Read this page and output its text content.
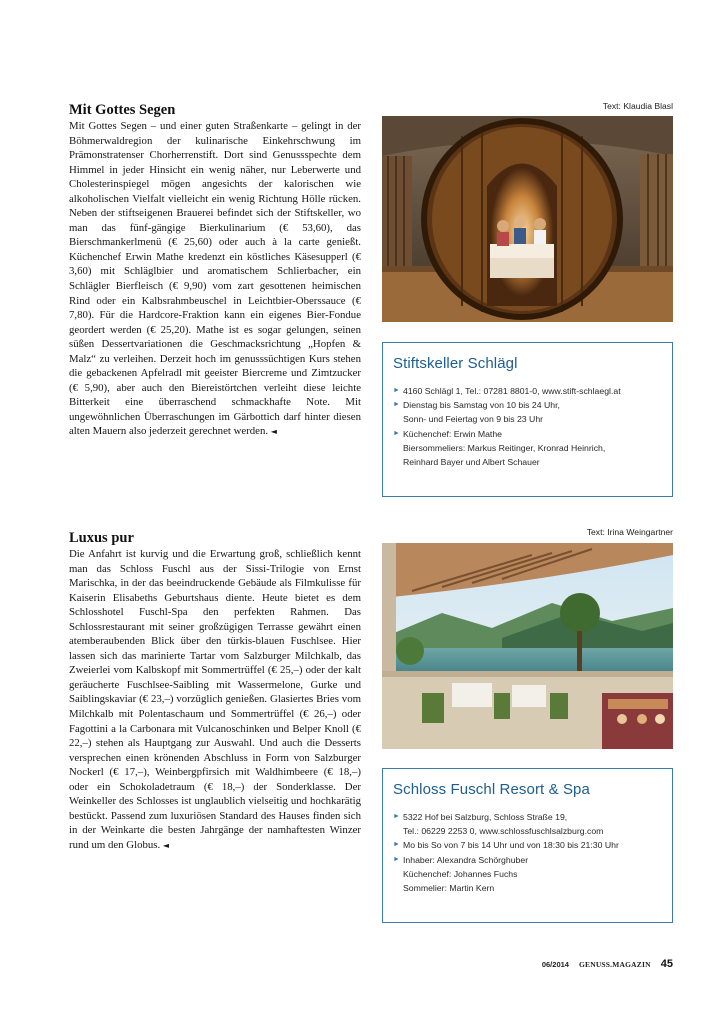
Mit Gottes Segen

Mit Gottes Segen – und einer guten Straßenkarte – gelingt in der Böhmerwaldregion der kulinarische Einkehrschwung im Prämonstratenser Chorherrenstift. Dort sind Genussspechte dem Himmel in jeder Hinsicht ein wenig näher, nur Leberwerte und Cholesterinspiegel mögen angesichts der kalorischen wie alkoholischen Vielfalt vielleicht ein wenig Richtung Hölle rücken. Neben der stiftseigenen Brauerei befindet sich der Stiftskeller, wo man das fünf-gängige Bierkulinarium (€ 53,60), das Bierschmankerlmenü (€ 25,60) oder auch à la carte genießt. Küchenchef Erwin Mathe kredenzt ein köstliches Käsesupperl (€ 3,60) mit Schläglbier und aromatischem Schlierbacher, ein Schlägler Bierfleisch (€ 9,90) vom zart gesottenen heimischen Rind oder ein Kalbsrahmbeuschel in Leichtbier-Oberssauce (€ 7,80). Für die Hardcore-Fraktion kann ein eigenes Bier-Fondue geordert werden (€ 25,20). Mathe ist es sogar gelungen, seinen süßen Dessertvariationen die Geschmacksrichtung „Hopfen & Malz“ zu verleihen. Derzeit hoch im genusssüchtigen Kurs stehen die gebackenen Apfelradl mit geeister Biercreme und Zimtzucker (€ 5,90), aber auch den Biereistörtchen verleiht diese leichte Bitterkeit eine überraschend schmackhafte Note. Mit ungewöhnlichen Überraschungen im Gärbottich darf hinter diesen alten Mauern also jederzeit gerechnet werden. ◄

Text: Klaudia Blasl
Stiftskeller Schlägl
► 4160 Schlägl 1, Tel.: 07281 8801-0, www.stift-schlaegl.at
► Dienstag bis Samstag von 10 bis 24 Uhr,
Sonn- und Feiertag von 9 bis 23 Uhr
► Küchenchef: Erwin Mathe
Biersommeliers: Markus Reitinger, Kronrad Heinrich,
Reinhard Bayer und Albert Schauer
Luxus pur

Die Anfahrt ist kurvig und die Erwartung groß, schließlich kennt man das Schloss Fuschl aus der Sissi-Trilogie von Ernst Marischka, in der das beeindruckende Gebäude als Filmkulisse für Kaiserin Elisabeths Geburtshaus diente. Heute bietet es dem Schlosshotel Fuschl-Spa den perfekten Rahmen. Das Schlossrestaurant mit seiner großzügigen Terrasse gewährt einen atemberaubenden Blick über den türkis-blauen Fuschlsee. Hier lassen sich das marinierte Tartar vom Salzburger Milchkalb, das Zweierlei vom Kalbskopf mit Sommertrüffel (€ 25,–) oder der kalt geräucherte Fuschlsee-Saibling mit Wassermelone, Gurke und Saiblingskaviar (€ 23,–) vorzüglich genießen. Glasiertes Bries vom Milchkalb mit Polentaschaum und Sommertrüffel (€ 26,–) oder Fagottini a la Carbonara mit Vulcanoschinken und Belper Knoll (€ 22,–) stehen als Hauptgang zur Auswahl. Und auch die Desserts versprechen einen krönenden Abschluss in Form von Salzburger Nockerl (€ 17,–), Weinbergpfirsich mit Waldhimbeere (€ 18,–) oder ein Schokoladetraum (€ 18,–) der Sonderklasse. Der Weinkeller des Schlosses ist unglaublich vielseitig und hochkarätig bestückt. Passend zum luxuriösen Standard des Hauses finden sich in der Weinkarte die besten Jahrgänge der namhaftesten Winzer rund um den Globus. ◄

Text: Irina Weingartner
Schloss Fuschl Resort & Spa
► 5322 Hof bei Salzburg, Schloss Straße 19,
Tel.: 06229 2253 0, www.schlossfuschlsalzburg.com
► Mo bis So von 7 bis 14 Uhr und von 18:30 bis 21:30 Uhr
► Inhaber: Alexandra Schörghuber
Küchenchef: Johannes Fuchs
Sommelier: Martin Kern
06/2014 GENUSS.MAGAZIN 45
